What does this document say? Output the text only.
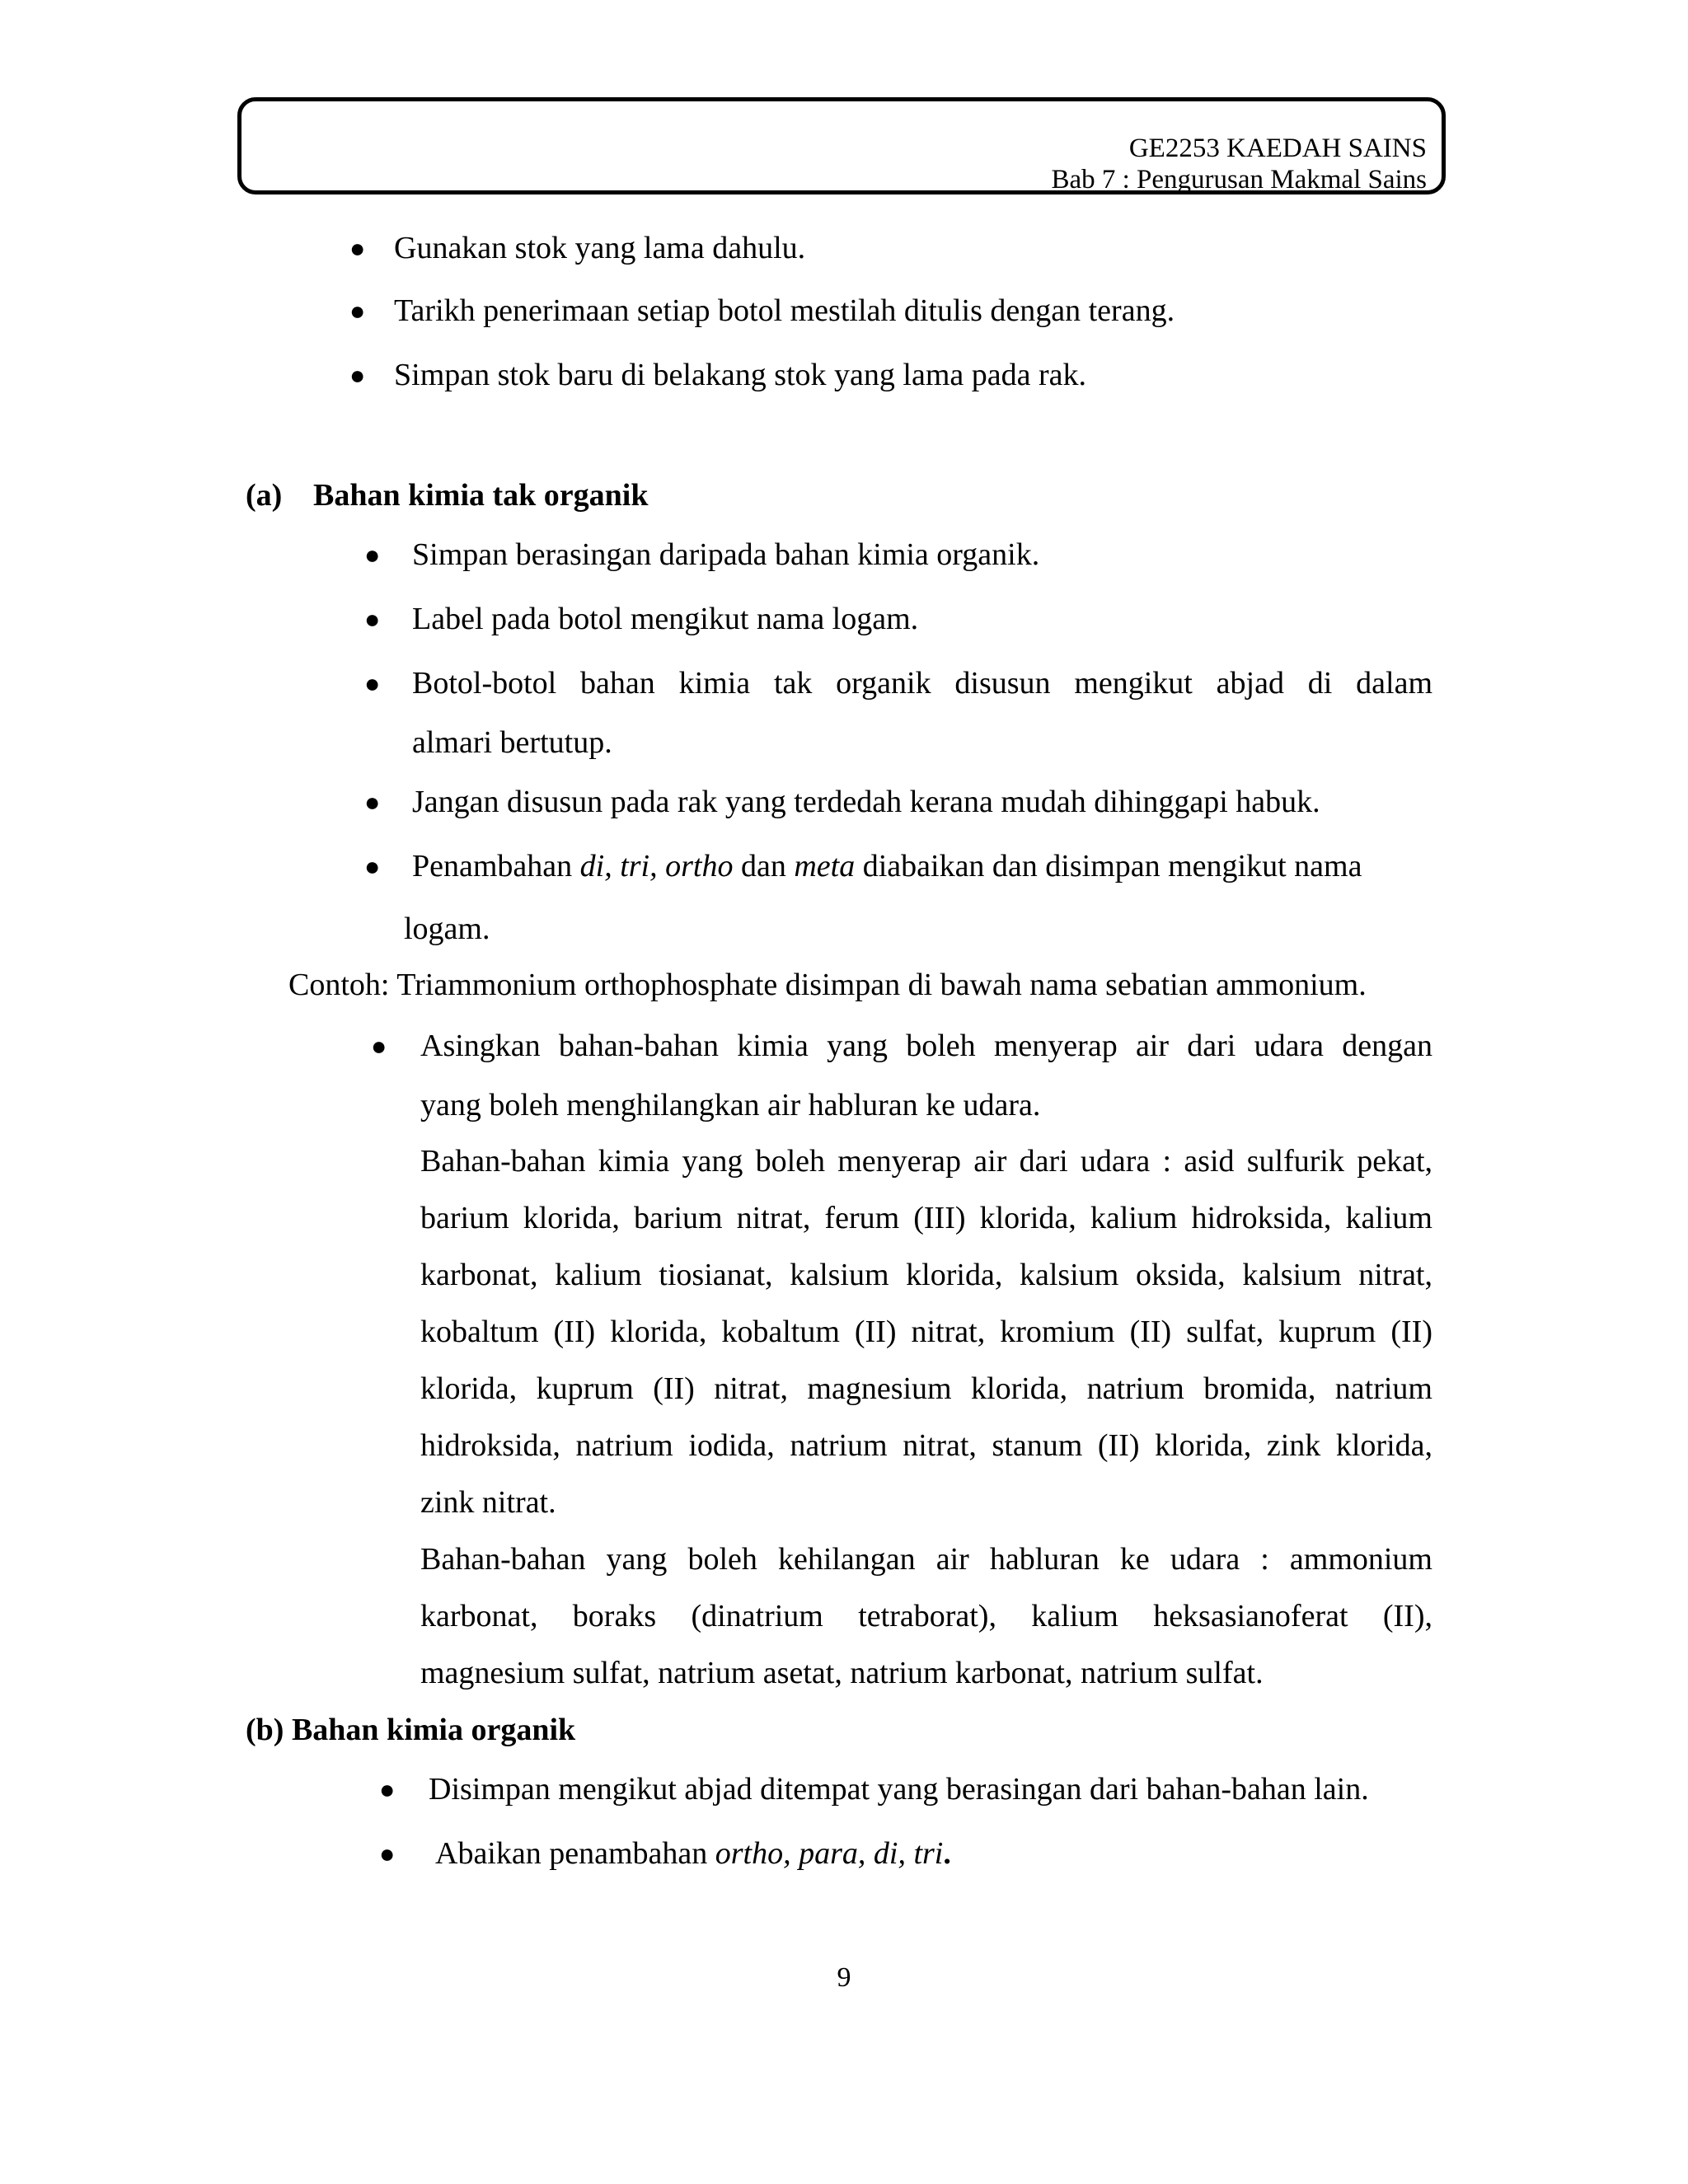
GE2253 KAEDAH SAINS
Bab 7 : Pengurusan Makmal Sains
● Gunakan stok yang lama dahulu.
● Tarikh penerimaan setiap botol mestilah ditulis dengan terang.
● Simpan stok baru di belakang stok yang lama pada rak.
(a) Bahan kimia tak organik
● Simpan berasingan daripada bahan kimia organik.
● Label pada botol mengikut nama logam.
● Botol-botol bahan kimia tak organik disusun mengikut abjad di dalam
almari bertutup.
● Jangan disusun pada rak yang terdedah kerana mudah dihinggapi habuk.
● Penambahan di, tri, ortho dan meta diabaikan dan disimpan mengikut nama
logam.
Contoh: Triammonium orthophosphate disimpan di bawah nama sebatian ammonium.
● Asingkan bahan-bahan kimia yang boleh menyerap air dari udara dengan
yang boleh menghilangkan air habluran ke udara.
Bahan-bahan kimia yang boleh menyerap air dari udara : asid sulfurik pekat,
barium klorida, barium nitrat, ferum (III) klorida, kalium hidroksida, kalium
karbonat, kalium tiosianat, kalsium klorida, kalsium oksida, kalsium nitrat,
kobaltum (II) klorida, kobaltum (II) nitrat, kromium (II) sulfat, kuprum (II)
klorida, kuprum (II) nitrat, magnesium klorida, natrium bromida, natrium
hidroksida, natrium iodida, natrium nitrat, stanum (II) klorida, zink klorida,
zink nitrat.
Bahan-bahan yang boleh kehilangan air habluran ke udara : ammonium
karbonat, boraks (dinatrium tetraborat), kalium heksasianoferat (II),
magnesium sulfat, natrium asetat, natrium karbonat, natrium sulfat.
(b) Bahan kimia organik
● Disimpan mengikut abjad ditempat yang berasingan dari bahan-bahan lain.
● Abaikan penambahan ortho, para, di, tri.
9
